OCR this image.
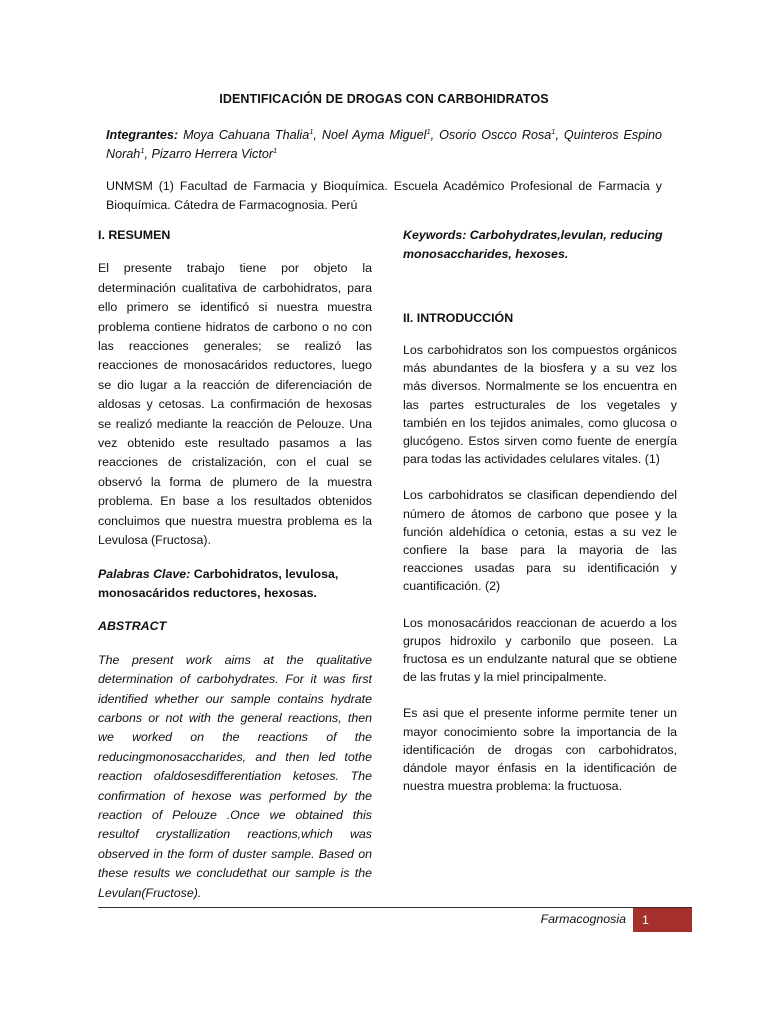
IDENTIFICACIÓN DE DROGAS CON CARBOHIDRATOS
Integrantes: Moya Cahuana Thalia$^1$, Noel Ayma Miguel$^1$, Osorio Oscco Rosa$^1$, Quinteros Espino Norah$^1$, Pizarro Herrera Victor$^1$
UNMSM (1) Facultad de Farmacia y Bioquímica. Escuela Académico Profesional de Farmacia y Bioquímica. Cátedra de Farmacognosia. Perú

I. RESUMEN

El presente trabajo tiene por objeto la determinación cualitativa de carbohidratos, para ello primero se identificó si nuestra muestra problema contiene hidratos de carbono o no con las reacciones generales; se realizó las reacciones de monosacáridos reductores, luego se dio lugar a la reacción de diferenciación de aldosas y cetosas. La confirmación de hexosas se realizó mediante la reacción de Pelouze. Una vez obtenido este resultado pasamos a las reacciones de cristalización, con el cual se observó la forma de plumero de la muestra problema. En base a los resultados obtenidos concluimos que nuestra muestra problema es la Levulosa (Fructosa).

Palabras Clave: Carbohidratos, levulosa, monosacáridos reductores, hexosas.

ABSTRACT

The present work aims at the qualitative determination of carbohydrates. For it was first identified whether our sample contains hydrate carbons or not with the general reactions, then we worked on the reactions of the reducingmonosaccharides, and then led tothe reaction ofaldosesdifferentiation ketoses. The confirmation of hexose was performed by the reaction of Pelouze .Once we obtained this resultof crystallization reactions,which was observed in the form of duster sample. Based on these results we concludethat our sample is the Levulan(Fructose).

Keywords: Carbohydrates,levulan, reducing monosaccharides, hexoses.

II. INTRODUCCIÓN

Los carbohidratos son los compuestos orgánicos más abundantes de la biosfera y a su vez los más diversos. Normalmente se los encuentra en las partes estructurales de los vegetales y también en los tejidos animales, como glucosa o glucógeno. Estos sirven como fuente de energía para todas las actividades celulares vitales. (1)

Los carbohidratos se clasifican dependiendo del número de átomos de carbono que posee y la función aldehídica o cetonia, estas a su vez le confiere la base para la mayoria de las reacciones usadas para su identificación y cuantificación. (2)

Los monosacáridos reaccionan de acuerdo a los grupos hidroxilo y carbonilo que poseen. La fructosa es un endulzante natural que se obtiene de las frutas y la miel principalmente.

Es asi que el presente informe permite tener un mayor conocimiento sobre la importancia de la identificación de drogas con carbohidratos, dándole mayor énfasis en la identificación de nuestra muestra problema: la fructuosa.

Farmacognosia	1
